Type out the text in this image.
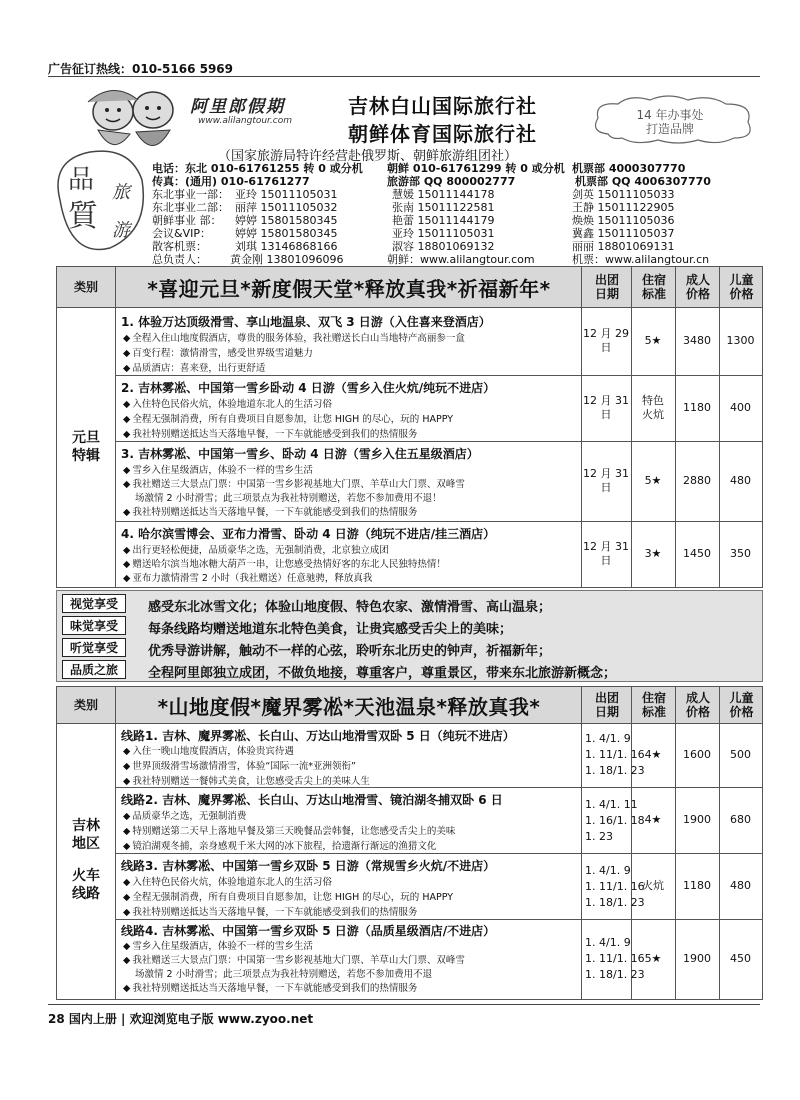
广告征订热线：010-5166 5969
阿里郎假期
www.alilangtour.com
吉林白山国际旅行社
朝鲜体育国际旅行社
14 年办事处
打造品牌
（国家旅游局特许经营赴俄罗斯、朝鲜旅游组团社）
品
質
旅
游
电话：东北 010-61761255 转 0 或分机 朝鲜 010-61761299 转 0 或分机 机票部 4000307770
传真：(通用) 010-61761277	旅游部 QQ 800002777	机票部 QQ 4006307770
东北事业一部： 亚玲 15011105031	慧媛 15011144178	剑英 15011105033
东北事业二部： 丽萍 15011105032	张南 15011122581	王静 15011122905
朝鲜事业 部： 婷婷 15801580345	艳蕾 15011144179	焕焕 15011105036
会议&VIP： 婷婷 15801580345	亚玲 15011105031	冀鑫 15011105037
散客机票：	刘琪 13146868166	淑容 18801069132	丽丽 18801069131
总负责人： 黄金刚 13801096096	朝鲜：www.alilangtour.com	机票：www.alilangtour.cn
类别	*喜迎元旦*新度假天堂*释放真我*祈福新年*	出团
日期
住宿
标准
成人
价格
儿童
价格
元旦
特辑
1. 体验万达顶级滑雪、享山地温泉、双飞 3 日游（入住喜来登酒店）
◆ 全程入住山地度假酒店，尊贵的服务体验，我社赠送长白山当地特产高丽参一盒
◆ 百变行程：激情滑雪，感受世界级雪道魅力
◆ 品质酒店：喜来登，出行更舒适
12 月 29 日
5★	3480	1300
2. 吉林雾凇、中国第一雪乡卧动 4 日游（雪乡入住火炕/纯玩不进店）
◆ 入住特色民俗火炕，体验地道东北人的生活习俗
◆ 全程无强制消费，所有自费项目自愿参加，让您 HIGH 的尽心，玩的 HAPPY
◆ 我社特别赠送抵达当天落地早餐，一下车就能感受到我们的热情服务
12 月 31 日
特色
火炕
1180	400
3. 吉林雾凇、中国第一雪乡、卧动 4 日游（雪乡入住五星级酒店）
◆ 雪乡入住星级酒店，体验不一样的雪乡生活
◆ 我社赠送三大景点门票：中国第一雪乡影视基地大门票、羊草山大门票、双峰雪
场激情 2 小时滑雪；此三项景点为我社特别赠送，若您不参加费用不退！
◆ 我社特别赠送抵达当天落地早餐，一下车就能感受到我们的热情服务
12 月 31 日
5★	2880	480
4. 哈尔滨雪博会、亚布力滑雪、卧动 4 日游（纯玩不进店/挂三酒店）
◆ 出行更轻松便捷，品质豪华之选，无强制消费，北京独立成团
◆ 赠送哈尔滨当地冰糖大葫芦一串，让您感受热情好客的东北人民独特热情！
◆ 亚布力激情滑雪 2 小时（我社赠送）任意驰骋，释放真我
12 月 31 日
3★	1450	350
视觉享受	感受东北冰雪文化；体验山地度假、特色农家、激情滑雪、高山温泉；
味觉享受	每条线路均赠送地道东北特色美食，让贵宾感受舌尖上的美味；
听觉享受	优秀导游讲解，触动不一样的心弦，聆听东北历史的钟声，祈福新年；
品质之旅	全程阿里郎独立成团，不做负地接，尊重客户，尊重景区，带来东北旅游新概念；
类别	*山地度假*魔界雾凇*天池温泉*释放真我*	出团
日期
住宿
标准
成人
价格
儿童
价格
吉林
地区
火车
线路
线路1. 吉林、魔界雾凇、长白山、万达山地滑雪双卧 5 日（纯玩不进店）
◆ 入住一晚山地度假酒店，体验贵宾待遇
◆ 世界顶级滑雪场激情滑雪，体验“国际一流*亚洲领衔”
◆ 我社特别赠送一餐韩式美食，让您感受舌尖上的美味人生
1. 4/1. 9
1. 11/1. 16
1. 18/1. 23
4★	1600	500
线路2. 吉林、魔界雾凇、长白山、万达山地滑雪、镜泊湖冬捕双卧 6 日
◆ 品质豪华之选，无强制消费
◆ 特别赠送第二天早上落地早餐及第三天晚餐品尝韩餐，让您感受舌尖上的美味
◆ 镜泊湖观冬捕，亲身感观千米大网的冰下旅程，拾遗渐行渐远的渔猎文化
1. 4/1. 11
1. 16/1. 18
1. 23
4★	1900	680
线路3. 吉林雾凇、中国第一雪乡双卧 5 日游（常规雪乡火炕/不进店）
◆ 入住特色民俗火炕，体验地道东北人的生活习俗
◆ 全程无强制消费，所有自费项目自愿参加，让您 HIGH 的尽心，玩的 HAPPY
◆ 我社特别赠送抵达当天落地早餐，一下车就能感受到我们的热情服务
1. 4/1. 9
1. 11/1. 16
1. 18/1. 23
火炕	1180	480
线路4. 吉林雾凇、中国第一雪乡双卧 5 日游（品质星级酒店/不进店）
◆ 雪乡入住星级酒店，体验不一样的雪乡生活
◆ 我社赠送三大景点门票：中国第一雪乡影视基地大门票、羊草山大门票、双峰雪
场激情 2 小时滑雪；此三项景点为我社特别赠送，若您不参加费用不退
◆ 我社特别赠送抵达当天落地早餐，一下车就能感受到我们的热情服务
1. 4/1. 9
1. 11/1. 16
1. 18/1. 23
5★	1900	450
28 国内上册 | 欢迎浏览电子版 www.zyoo.net
